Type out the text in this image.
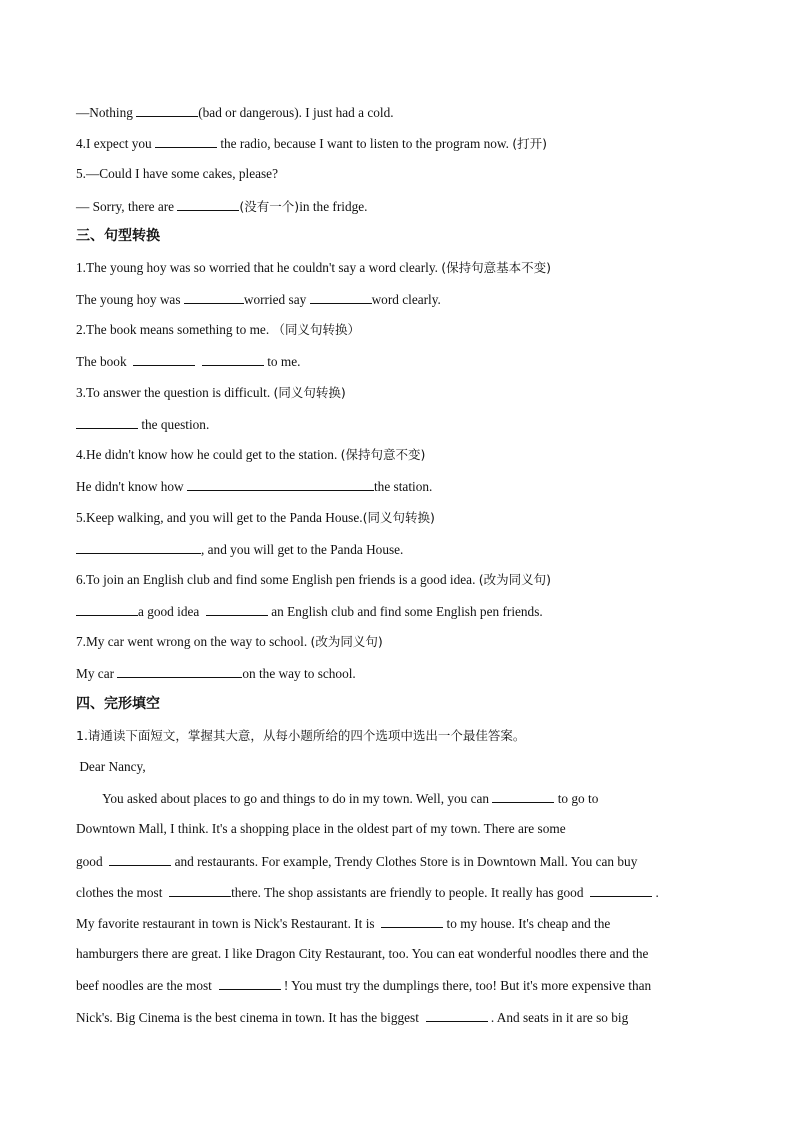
—Nothing	(bad or dangerous). I just had a cold.
4.I expect you	the radio, because I want to listen to the program now. (打开)
5.—Could I have some cakes, please?
— Sorry, there are	(没有一个)in the fridge.
三、句型转换
1.The young hoy was so worried that he couldn't say a word clearly. (保持句意基本不变)
The young hoy was	worried say	word clearly.
2.The book means something to me. （同义句转换）
The book	to me.
3.To answer the question is difficult. (同义句转换)
the question.
4.He didn't know how he could get to the station. (保持句意不变)
He didn't know how	the station.
5.Keep walking, and you will get to the Panda House.(同义句转换)
, and you will get to the Panda House.
6.To join an English club and find some English pen friends is a good idea. (改为同义句)
a good idea	an English club and find some English pen friends.
7.My car went wrong on the way to school. (改为同义句)
My car	on the way to school.
四、完形填空
1.请通读下面短文，掌握其大意，从每小题所给的四个选项中选出一个最佳答案。
Dear Nancy,
You asked about places to go and things to do in my town. Well, you can	to go to
Downtown Mall, I think. It's a shopping place in the oldest part of my town. There are some
good	and restaurants. For example, Trendy Clothes Store is in Downtown Mall. You can buy
clothes the most	there. The shop assistants are friendly to people. It really has good	.
My favorite restaurant in town is Nick's Restaurant. It is	to my house. It's cheap and the
hamburgers there are great. I like Dragon City Restaurant, too. You can eat wonderful noodles there and the
beef noodles are the most	! You must try the dumplings there, too! But it's more expensive than
Nick's. Big Cinema is the best cinema in town. It has the biggest	. And seats in it are so big
